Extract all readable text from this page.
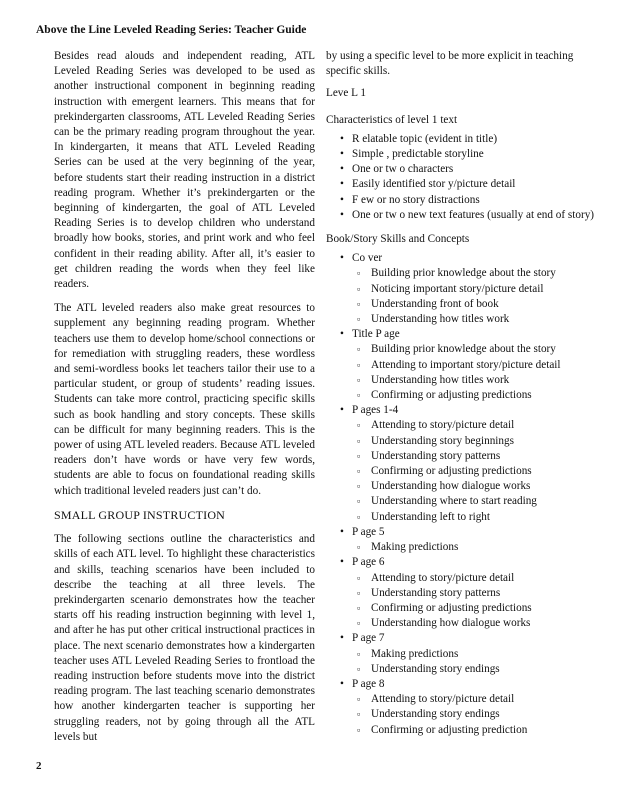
Above the Line Leveled Reading Series: Teacher Guide

Besides read alouds and independent reading, ATL Leveled Reading Series was developed to be used as another instructional component in beginning reading instruction with emergent learners. This means that for prekindergarten classrooms, ATL Leveled Reading Series can be the primary reading program throughout the year. In kindergarten, it means that ATL Leveled Reading Series can be used at the very beginning of the year, before students start their reading instruction in a district reading program. Whether it’s prekindergarten or the beginning of kindergarten, the goal of ATL Leveled Reading Series is to develop children who understand broadly how books, stories, and print work and who feel confident in their reading ability. After all, it’s easier to get children reading the words when they feel like readers.

The ATL leveled readers also make great resources to supplement any beginning reading program. Whether teachers use them to develop home/school connections or for remediation with struggling readers, these wordless and semi-wordless books let teachers tailor their use to a particular student, or group of students’ reading issues. Students can take more control, practicing specific skills such as book handling and story concepts. These skills can be difficult for many beginning readers. This is the power of using ATL leveled readers. Because ATL leveled readers don’t have words or have very few words, students are able to focus on foundational reading skills which traditional leveled readers just can’t do.

SMALL GROUP INSTRUCTION

The following sections outline the characteristics and skills of each ATL level. To highlight these characteristics and skills, teaching scenarios have been included to describe the teaching at all three levels. The prekindergarten scenario demonstrates how the teacher starts off his reading instruction beginning with level 1, and after he has put other critical instructional practices in place. The next scenario demonstrates how a kindergarten teacher uses ATL Leveled Reading Series to frontload the reading instruction before students move into the district reading program. The last teaching scenario demonstrates how another kindergarten teacher is supporting her struggling readers, not by going through all the ATL levels but

by using a specific level to be more explicit in teaching specific skills.
Leve L 1
Characteristics of level 1 text
• R elatable topic (evident in title)
• Simple , predictable storyline
• One or tw o characters
• Easily identified stor y/picture detail
• F ew or no story distractions
• One or tw o new text features (usually at end of story)
Book/Story Skills and Concepts
• Co ver
▫ Building prior knowledge about the story
▫ Noticing important story/picture detail
▫ Understanding front of book
▫ Understanding how titles work
• Title P age
▫ Building prior knowledge about the story
▫ Attending to important story/picture detail
▫ Understanding how titles work
▫ Confirming or adjusting predictions
• P ages 1-4
▫ Attending to story/picture detail
▫ Understanding story beginnings
▫ Understanding story patterns
▫ Confirming or adjusting predictions
▫ Understanding how dialogue works
▫ Understanding where to start reading
▫ Understanding left to right
• P age 5
▫ Making predictions
• P age 6
▫ Attending to story/picture detail
▫ Understanding story patterns
▫ Confirming or adjusting predictions
▫ Understanding how dialogue works
• P age 7
▫ Making predictions
▫ Understanding story endings
• P age 8
▫ Attending to story/picture detail
▫ Understanding story endings
▫ Confirming or adjusting prediction
2
